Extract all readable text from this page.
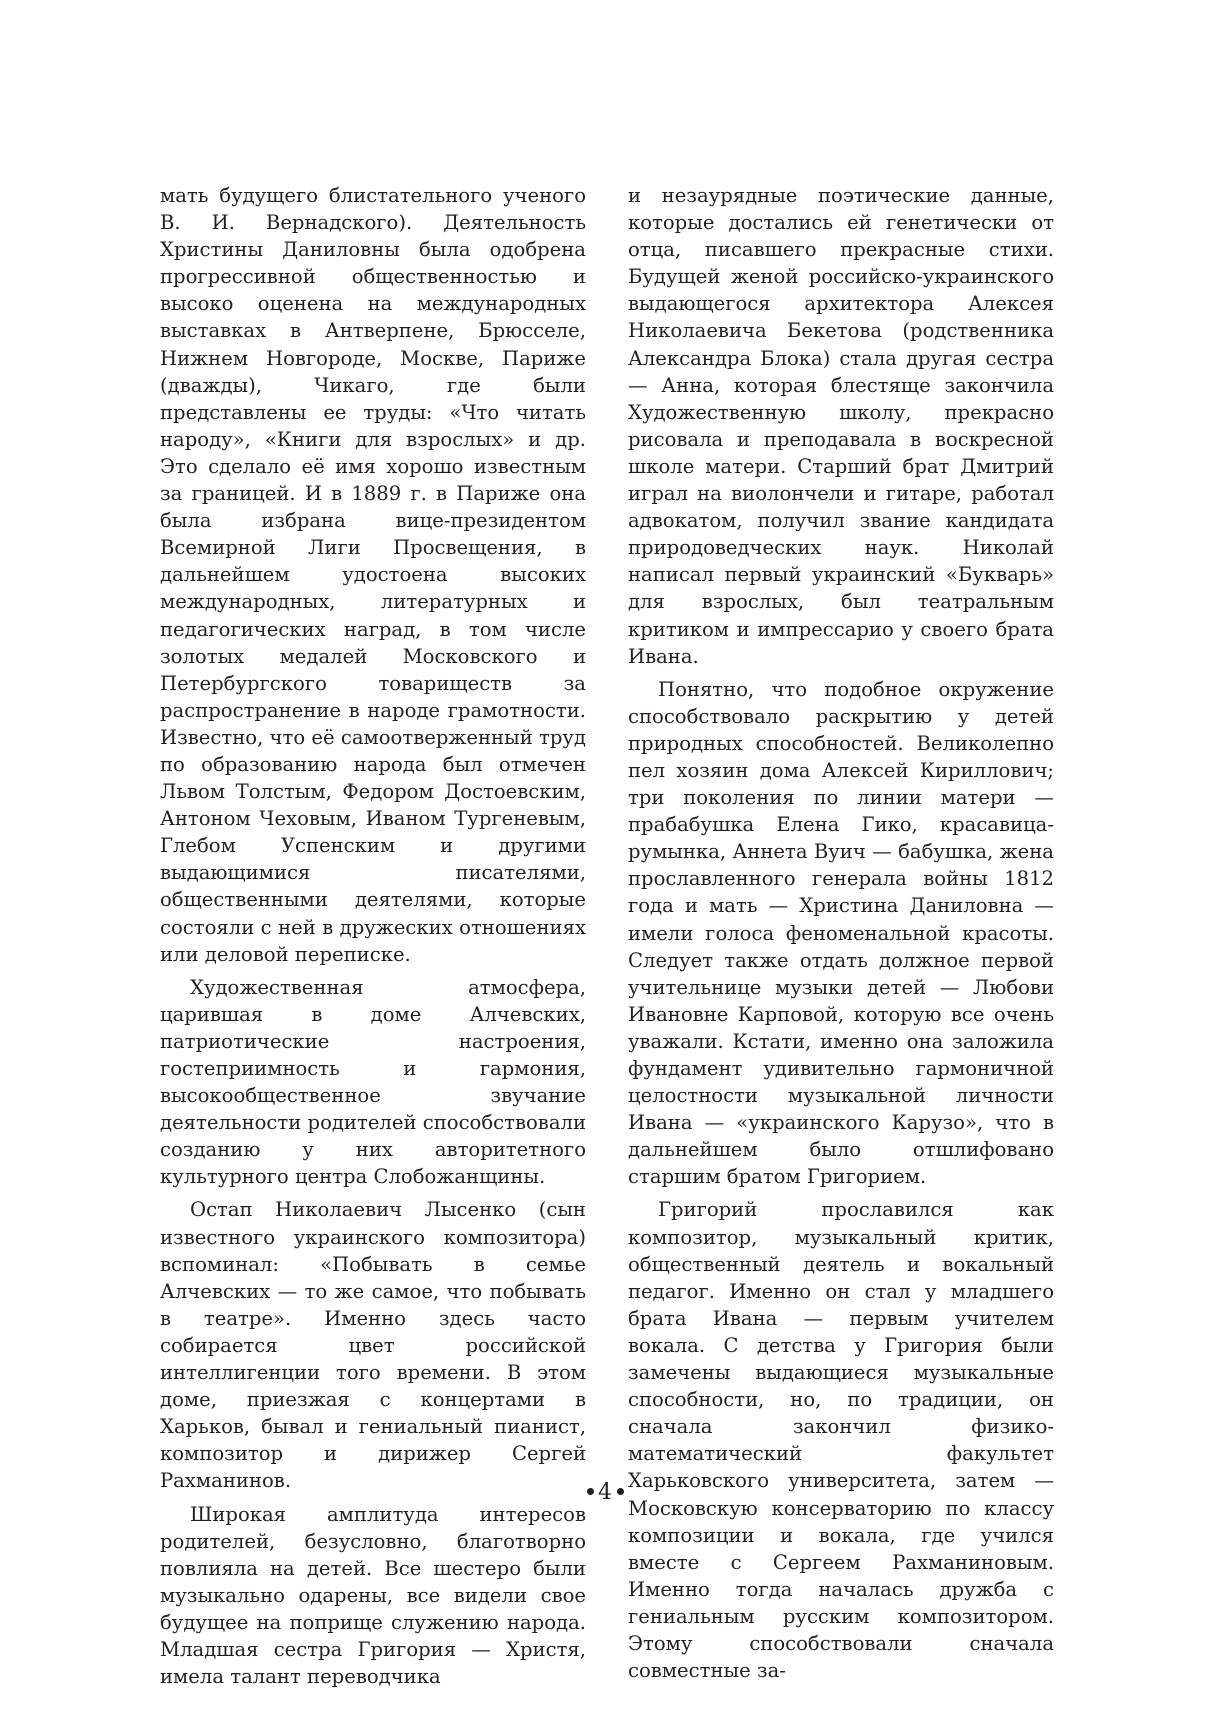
мать будущего блистательного ученого В. И. Вернадского). Деятельность Христины Даниловны была одобрена прогрессивной общественностью и высоко оценена на международных выставках в Антверпене, Брюсселе, Нижнем Новгороде, Москве, Париже (дважды), Чикаго, где были представлены ее труды: «Что читать народу», «Книги для взрослых» и др. Это сделало её имя хорошо известным за границей. И в 1889 г. в Париже она была избрана вице-президентом Всемирной Лиги Просвещения, в дальнейшем удостоена высоких международных, литературных и педагогических наград, в том числе золотых медалей Московского и Петербургского товариществ за распространение в народе грамотности. Известно, что её самоотверженный труд по образованию народа был отмечен Львом Толстым, Федором Достоевским, Антоном Чеховым, Иваном Тургеневым, Глебом Успенским и другими выдающимися писателями, общественными деятелями, которые состояли с ней в дружеских отношениях или деловой переписке.

Художественная атмосфера, царившая в доме Алчевских, патриотические настроения, гостеприимность и гармония, высокообщественное звучание деятельности родителей способствовали созданию у них авторитетного культурного центра Слобожанщины.

Остап Николаевич Лысенко (сын известного украинского композитора) вспоминал: «Побывать в семье Алчевских — то же самое, что побывать в театре». Именно здесь часто собирается цвет российской интеллигенции того времени. В этом доме, приезжая с концертами в Харьков, бывал и гениальный пианист, композитор и дирижер Сергей Рахманинов.

Широкая амплитуда интересов родителей, безусловно, благотворно повлияла на детей. Все шестеро были музыкально одарены, все видели свое будущее на поприще служению народа. Младшая сестра Григория — Христя, имела талант переводчика

и незаурядные поэтические данные, которые достались ей генетически от отца, писавшего прекрасные стихи. Будущей женой российско-украинского выдающегося архитектора Алексея Николаевича Бекетова (родственника Александра Блока) стала другая сестра — Анна, которая блестяще закончила Художественную школу, прекрасно рисовала и преподавала в воскресной школе матери. Старший брат Дмитрий играл на виолончели и гитаре, работал адвокатом, получил звание кандидата природоведческих наук. Николай написал первый украинский «Букварь» для взрослых, был театральным критиком и импрессарио у своего брата Ивана.

Понятно, что подобное окружение способствовало раскрытию у детей природных способностей. Великолепно пел хозяин дома Алексей Кириллович; три поколения по линии матери — прабабушка Елена Гико, красавица-румынка, Аннета Вуич — бабушка, жена прославленного генерала войны 1812 года и мать — Христина Даниловна — имели голоса феноменальной красоты. Следует также отдать должное первой учительнице музыки детей — Любови Ивановне Карповой, которую все очень уважали. Кстати, именно она заложила фундамент удивительно гармоничной целостности музыкальной личности Ивана — «украинского Карузо», что в дальнейшем было отшлифовано старшим братом Григорием.

Григорий прославился как композитор, музыкальный критик, общественный деятель и вокальный педагог. Именно он стал у младшего брата Ивана — первым учителем вокала. С детства у Григория были замечены выдающиеся музыкальные способности, но, по традиции, он сначала закончил физико-математический факультет Харьковского университета, затем — Московскую консерваторию по классу композиции и вокала, где учился вместе с Сергеем Рахманиновым. Именно тогда началась дружба с гениальным русским композитором. Этому способствовали сначала совместные за-

4
